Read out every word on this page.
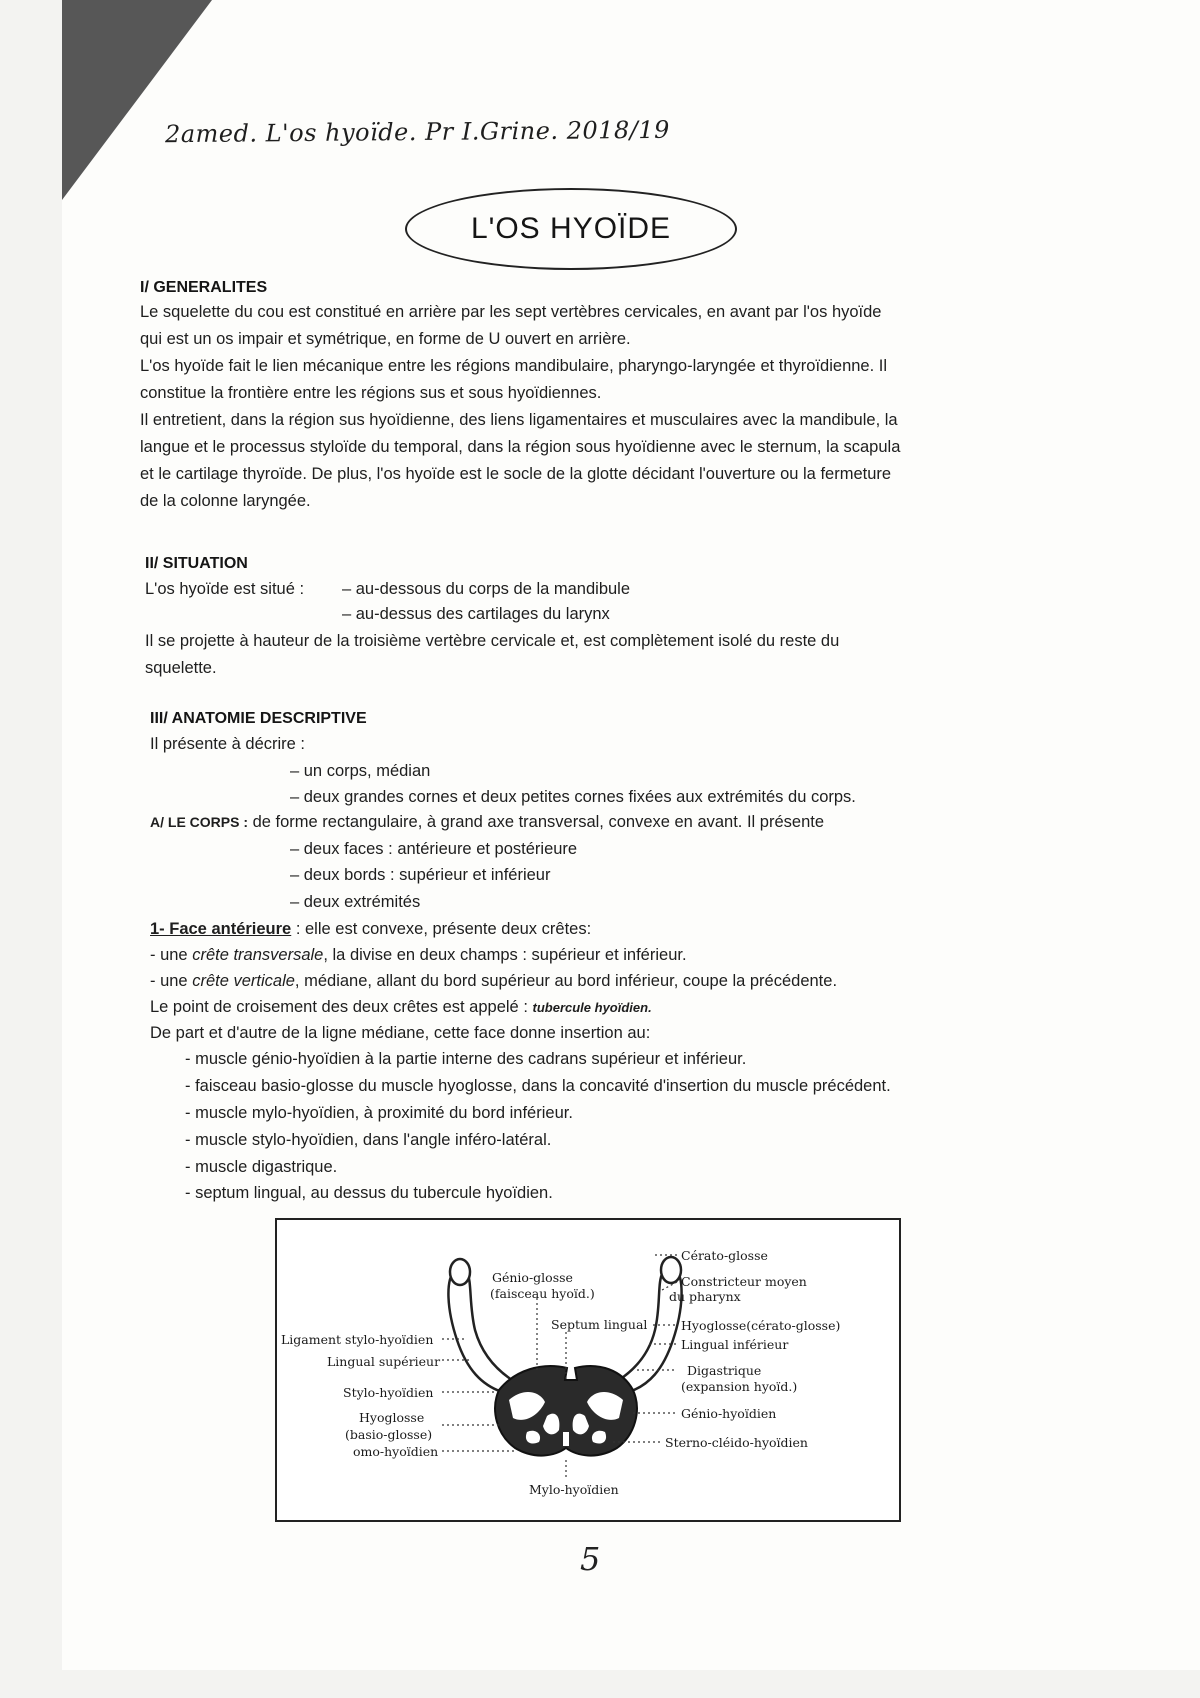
2amed. L'os hyoïde. Pr I.Grine. 2018/19
L'OS HYOÏDE
I/ GENERALITES
Le squelette du cou est constitué en arrière par les sept vertèbres cervicales, en avant par l'os hyoïde
qui est un os impair et symétrique, en forme de U ouvert en arrière.
L'os hyoïde fait le lien mécanique entre les régions mandibulaire, pharyngo-laryngée et thyroïdienne. Il
constitue la frontière entre les régions sus et sous hyoïdiennes.
Il entretient, dans la région sus hyoïdienne, des liens ligamentaires et musculaires avec la mandibule, la
langue et le processus styloïde du temporal, dans la région sous hyoïdienne avec le sternum, la scapula
et le cartilage thyroïde. De plus, l'os hyoïde est le socle de la glotte décidant l'ouverture ou la fermeture
de la colonne laryngée.
II/ SITUATION
L'os hyoïde est situé : – au-dessous du corps de la mandibule
– au-dessus des cartilages du larynx
Il se projette à hauteur de la troisième vertèbre cervicale et, est complètement isolé du reste du
squelette.
III/ ANATOMIE DESCRIPTIVE
Il présente à décrire :
– un corps, médian
– deux grandes cornes et deux petites cornes fixées aux extrémités du corps.
A/ LE CORPS : de forme rectangulaire, à grand axe transversal, convexe en avant. Il présente
– deux faces : antérieure et postérieure
– deux bords : supérieur et inférieur
– deux extrémités
1- Face antérieure : elle est convexe, présente deux crêtes:
- une crête transversale, la divise en deux champs : supérieur et inférieur.
- une crête verticale, médiane, allant du bord supérieur au bord inférieur, coupe la précédente.
Le point de croisement des deux crêtes est appelé : tubercule hyoïdien.
De part et d'autre de la ligne médiane, cette face donne insertion au:
- muscle génio-hyoïdien à la partie interne des cadrans supérieur et inférieur.
- faisceau basio-glosse du muscle hyoglosse, dans la concavité d'insertion du muscle précédent.
- muscle mylo-hyoïdien, à proximité du bord inférieur.
- muscle stylo-hyoïdien, dans l'angle inféro-latéral.
- muscle digastrique.
- septum lingual, au dessus du tubercule hyoïdien.
Ligament stylo-hyoïdien
Lingual supérieur
Stylo-hyoïdien
Hyoglosse
(basio-glosse)
omo-hyoïdien
Génio-glosse
(faisceau hyoïd.)
Septum lingual
Cérato-glosse
Constricteur moyen
du pharynx
Hyoglosse(cérato-glosse)
Lingual inférieur
Digastrique
(expansion hyoïd.)
Génio-hyoïdien
Sterno-cléido-hyoïdien
Mylo-hyoïdien
5
